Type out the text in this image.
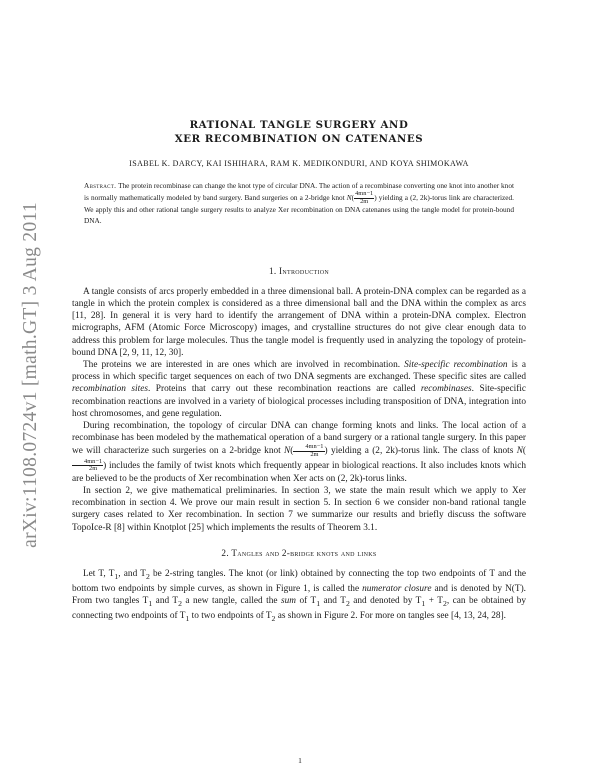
arXiv:1108.0724v1 [math.GT] 3 Aug 2011
RATIONAL TANGLE SURGERY AND
XER RECOMBINATION ON CATENANES
ISABEL K. DARCY, KAI ISHIHARA, RAM K. MEDIKONDURI, AND KOYA SHIMOKAWA
Abstract. The protein recombinase can change the knot type of circular DNA. The action of a recombinase converting one knot into another knot is normally mathematically modeled by band surgery. Band surgeries on a 2-bridge knot $N( \frac{4mn-1}{2m}$ ) yielding a (2, 2k)-torus link are characterized. We apply this and other rational tangle surgery results to analyze Xer recombination on DNA catenanes using the tangle model for protein-bound DNA.
1. Introduction

A tangle consists of arcs properly embedded in a three dimensional ball. A protein-DNA complex can be regarded as a tangle in which the protein complex is considered as a three dimensional ball and the DNA within the complex as arcs [11, 28]. In general it is very hard to identify the arrangement of DNA within a protein-DNA complex. Electron micrographs, AFM (Atomic Force Microscopy) images, and crystalline structures do not give clear enough data to address this problem for large molecules. Thus the tangle model is frequently used in analyzing the topology of protein-bound DNA [2, 9, 11, 12, 30].

The proteins we are interested in are ones which are involved in recombination. Site-specific recombination is a process in which specific target sequences on each of two DNA segments are exchanged. These specific sites are called recombination sites. Proteins that carry out these recombination reactions are called recombinases. Site-specific recombination reactions are involved in a variety of biological processes including transposition of DNA, integration into host chromosomes, and gene regulation.

During recombination, the topology of circular DNA can change forming knots and links. The local action of a recombinase has been modeled by the mathematical operation of a band surgery or a rational tangle surgery. In this paper we will characterize such surgeries on a 2-bridge knot $N( \frac{4mn-1}{2m}$ ) yielding a (2, 2k)-torus link. The class of knots N(
$\frac{4mn-1}{2m}$ ) includes the family of twist knots which frequently appear in biological reactions. It also includes knots which are believed to be the products of Xer recombination when Xer acts on (2, 2k)-torus links.

In section 2, we give mathematical preliminaries. In section 3, we state the main result which we apply to Xer recombination in section 4. We prove our main result in section 5. In section 6 we consider non-band rational tangle surgery cases related to Xer recombination. In section 7 we summarize our results and briefly discuss the software TopoIce-R [8] within Knotplot [25] which implements the results of Theorem 3.1.

2. Tangles and 2-bridge knots and links

Let T, $T_1$, and $T_2$ be 2-string tangles. The knot (or link) obtained by connecting the top two endpoints of T and the bottom two endpoints by simple curves, as shown in Figure 1, is called the numerator closure and is denoted by N(T). From two tangles $T_1$ and $T_2$ a new tangle, called the sum of $T_1$ and $T_2$ and denoted by $T_1 + T_2$, can be obtained by connecting two endpoints of $T_1$ to two endpoints of $T_2$ as shown in Figure 2. For more on tangles see [4, 13, 24, 28].

1
